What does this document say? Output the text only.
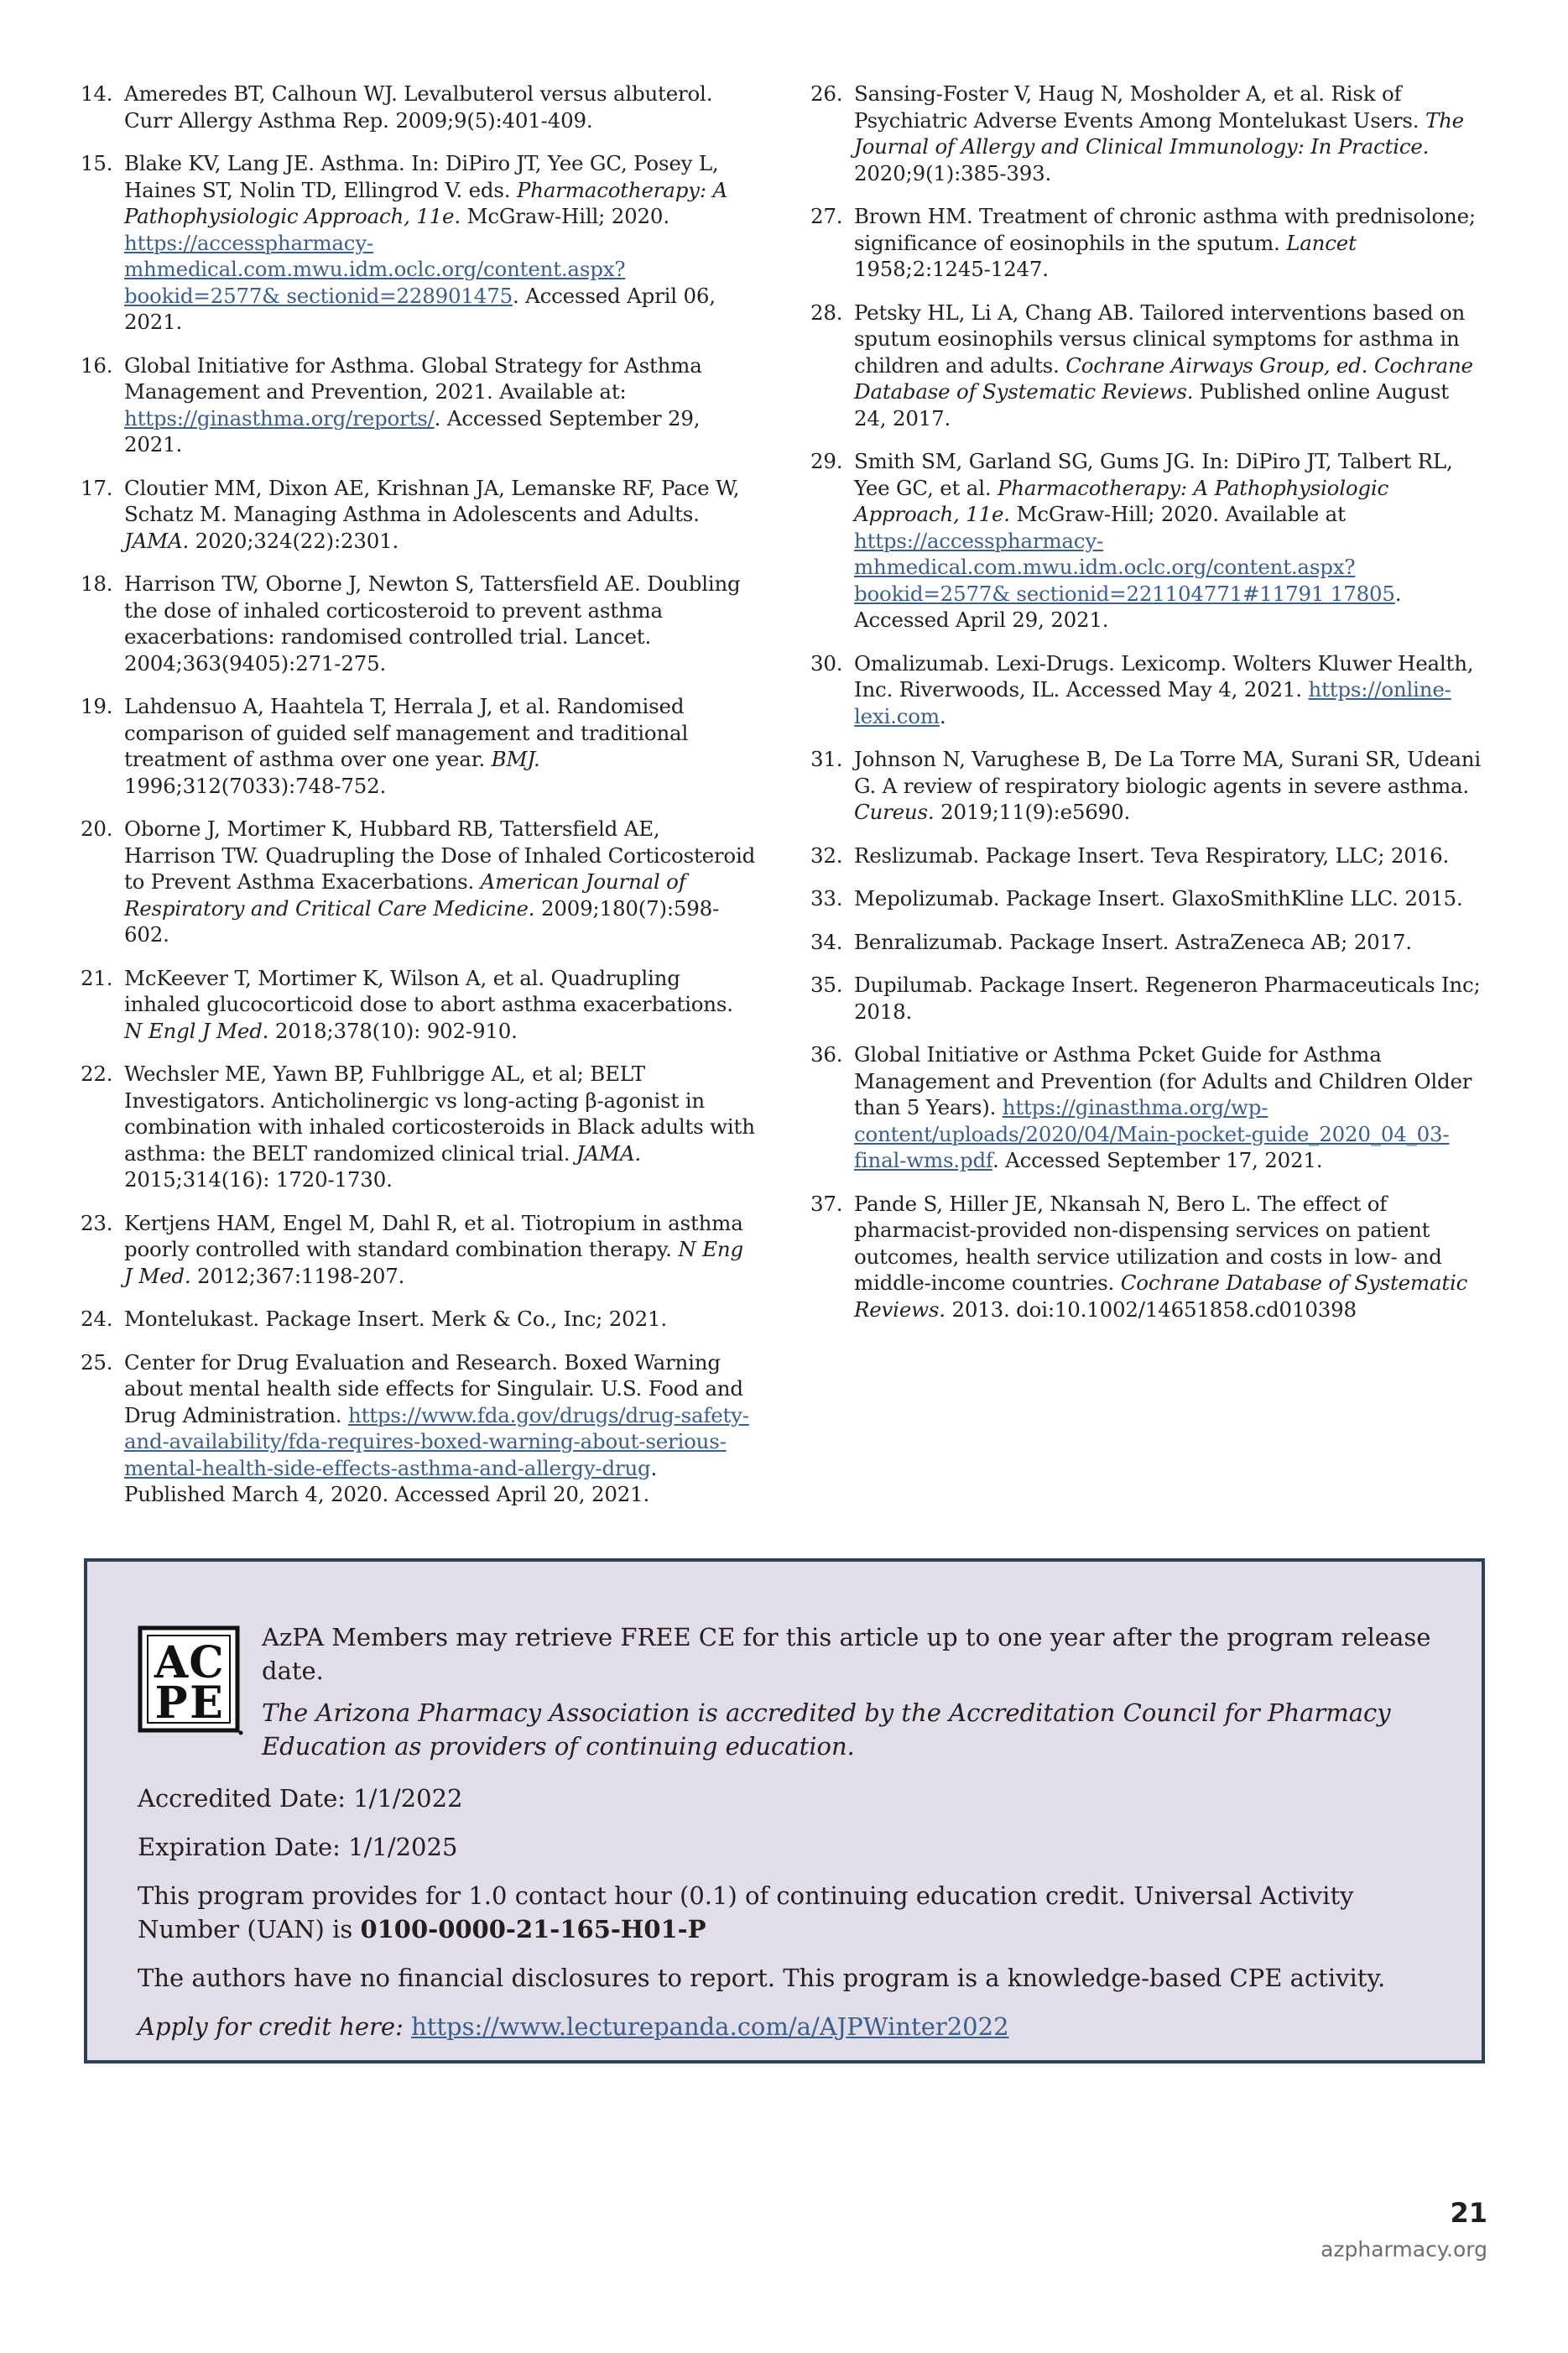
14. Ameredes BT, Calhoun WJ. Levalbuterol versus albuterol. Curr Allergy Asthma Rep. 2009;9(5):401-409.
15. Blake KV, Lang JE. Asthma. In: DiPiro JT, Yee GC, Posey L, Haines ST, Nolin TD, Ellingrod V. eds. Pharmacotherapy: A Pathophysiologic Approach, 11e. McGraw-Hill; 2020. https://accesspharmacy-mhmedical.com.mwu.idm.oclc.org/content.aspx?bookid=2577& sectionid=228901475. Accessed April 06, 2021.
16. Global Initiative for Asthma. Global Strategy for Asthma Management and Prevention, 2021. Available at: https://ginasthma.org/reports/. Accessed September 29, 2021.
17. Cloutier MM, Dixon AE, Krishnan JA, Lemanske RF, Pace W, Schatz M. Managing Asthma in Adolescents and Adults. JAMA. 2020;324(22):2301.
18. Harrison TW, Oborne J, Newton S, Tattersfield AE. Doubling the dose of inhaled corticosteroid to prevent asthma exacerbations: randomised controlled trial. Lancet. 2004;363(9405):271-275.
19. Lahdensuo A, Haahtela T, Herrala J, et al. Randomised comparison of guided self management and traditional treatment of asthma over one year. BMJ. 1996;312(7033):748-752.
20. Oborne J, Mortimer K, Hubbard RB, Tattersfield AE, Harrison TW. Quadrupling the Dose of Inhaled Corticosteroid to Prevent Asthma Exacerbations. American Journal of Respiratory and Critical Care Medicine. 2009;180(7):598-602.
21. McKeever T, Mortimer K, Wilson A, et al. Quadrupling inhaled glucocorticoid dose to abort asthma exacerbations. N Engl J Med. 2018;378(10): 902-910.
22. Wechsler ME, Yawn BP, Fuhlbrigge AL, et al; BELT Investigators. Anticholinergic vs long-acting β-agonist in combination with inhaled corticosteroids in Black adults with asthma: the BELT randomized clinical trial. JAMA. 2015;314(16): 1720-1730.
23. Kertjens HAM, Engel M, Dahl R, et al. Tiotropium in asthma poorly controlled with standard combination therapy. N Eng J Med. 2012;367:1198-207.
24. Montelukast. Package Insert. Merk & Co., Inc; 2021.
25. Center for Drug Evaluation and Research. Boxed Warning about mental health side effects for Singulair. U.S. Food and Drug Administration. https://www.fda.gov/drugs/drug-safety-and-availability/fda-requires-boxed-warning-about-serious-mental-health-side-effects-asthma-and-allergy-drug. Published March 4, 2020. Accessed April 20, 2021.
26. Sansing-Foster V, Haug N, Mosholder A, et al. Risk of Psychiatric Adverse Events Among Montelukast Users. The Journal of Allergy and Clinical Immunology: In Practice. 2020;9(1):385-393.
27. Brown HM. Treatment of chronic asthma with prednisolone; significance of eosinophils in the sputum. Lancet 1958;2:1245-1247.
28. Petsky HL, Li A, Chang AB. Tailored interventions based on sputum eosinophils versus clinical symptoms for asthma in children and adults. Cochrane Airways Group, ed. Cochrane Database of Systematic Reviews. Published online August 24, 2017.
29. Smith SM, Garland SG, Gums JG. In: DiPiro JT, Talbert RL, Yee GC, et al. Pharmacotherapy: A Pathophysiologic Approach, 11e. McGraw-Hill; 2020. Available at https://accesspharmacy-mhmedical.com.mwu.idm.oclc.org/content.aspx?bookid=2577& sectionid=221104771#11791 17805. Accessed April 29, 2021.
30. Omalizumab. Lexi-Drugs. Lexicomp. Wolters Kluwer Health, Inc. Riverwoods, IL. Accessed May 4, 2021. https://online-lexi.com.
31. Johnson N, Varughese B, De La Torre MA, Surani SR, Udeani G. A review of respiratory biologic agents in severe asthma. Cureus. 2019;11(9):e5690.
32. Reslizumab. Package Insert. Teva Respiratory, LLC; 2016.
33. Mepolizumab. Package Insert. GlaxoSmithKline LLC. 2015.
34. Benralizumab. Package Insert. AstraZeneca AB; 2017.
35. Dupilumab. Package Insert. Regeneron Pharmaceuticals Inc; 2018.
36. Global Initiative or Asthma Pcket Guide for Asthma Management and Prevention (for Adults and Children Older than 5 Years). https://ginasthma.org/wp-content/uploads/2020/04/Main-pocket-guide_2020_04_03-final-wms.pdf. Accessed September 17, 2021.
37. Pande S, Hiller JE, Nkansah N, Bero L. The effect of pharmacist-provided non-dispensing services on patient outcomes, health service utilization and costs in low- and middle-income countries. Cochrane Database of Systematic Reviews. 2013. doi:10.1002/14651858.cd010398
A C
P E

AzPA Members may retrieve FREE CE for this article up to one year after the program release date.

The Arizona Pharmacy Association is accredited by the Accreditation Council for Pharmacy Education as providers of continuing education.

Accredited Date: 1/1/2022

Expiration Date: 1/1/2025

This program provides for 1.0 contact hour (0.1) of continuing education credit. Universal Activity Number (UAN) is 0100-0000-21-165-H01-P

The authors have no financial disclosures to report. This program is a knowledge-based CPE activity.

Apply for credit here: https://www.lecturepanda.com/a/AJPWinter2022

21
azpharmacy.org
